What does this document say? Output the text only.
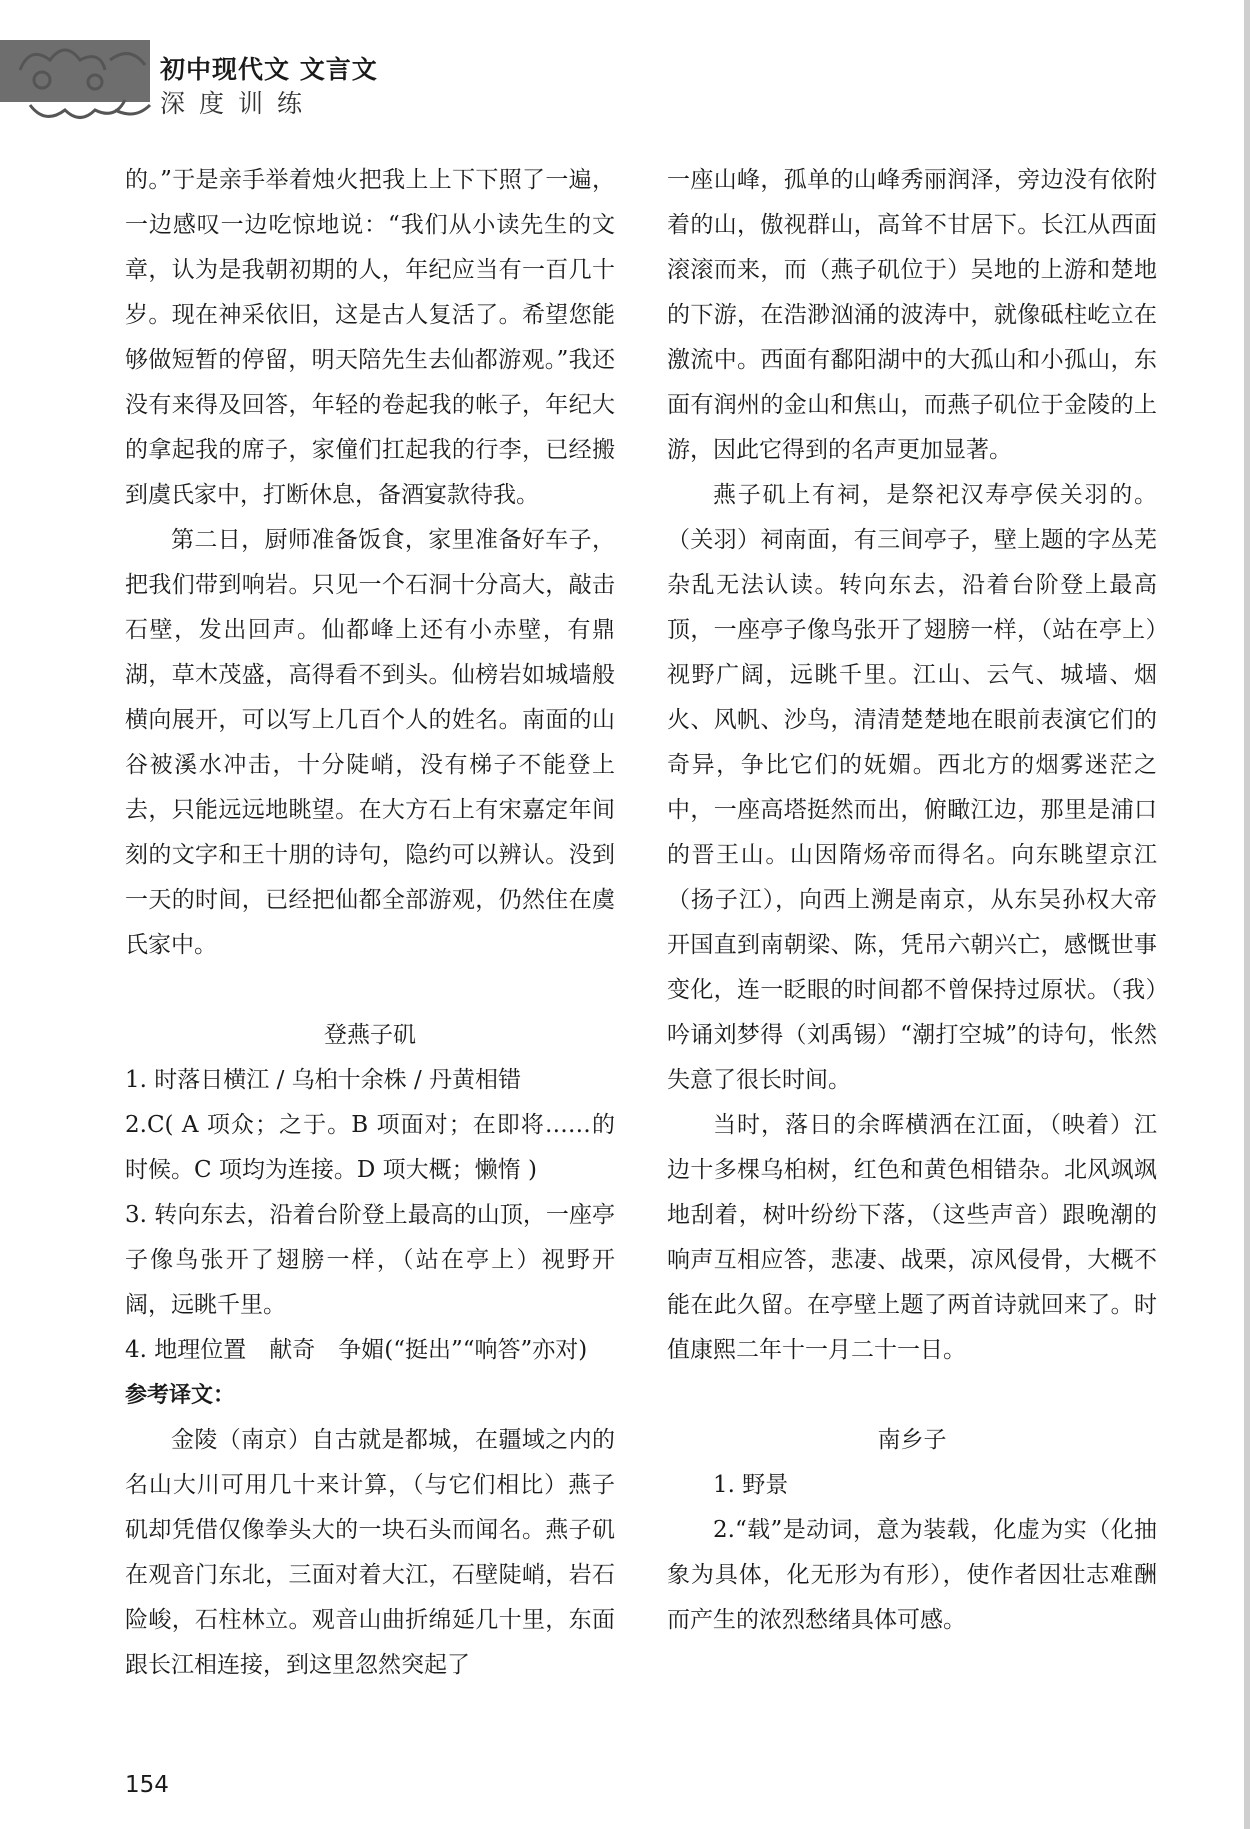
初中现代文 文言文
深度训练

的。”于是亲手举着烛火把我上上下下照了一遍，一边感叹一边吃惊地说：“我们从小读先生的文章，认为是我朝初期的人，年纪应当有一百几十岁。现在神采依旧，这是古人复活了。希望您能够做短暂的停留，明天陪先生去仙都游观。”我还没有来得及回答，年轻的卷起我的帐子，年纪大的拿起我的席子，家僮们扛起我的行李，已经搬到虞氏家中，打断休息，备酒宴款待我。

第二日，厨师准备饭食，家里准备好车子，把我们带到响岩。只见一个石洞十分高大，敲击石壁，发出回声。仙都峰上还有小赤壁，有鼎湖，草木茂盛，高得看不到头。仙榜岩如城墙般横向展开，可以写上几百个人的姓名。南面的山谷被溪水冲击，十分陡峭，没有梯子不能登上去，只能远远地眺望。在大方石上有宋嘉定年间刻的文字和王十朋的诗句，隐约可以辨认。没到一天的时间，已经把仙都全部游观，仍然住在虞氏家中。

登燕子矶

1. 时落日横江 / 乌桕十余株 / 丹黄相错

2.C( A 项众；之于。B 项面对；在即将……的时候。C 项均为连接。D 项大概；懒惰 )

3. 转向东去，沿着台阶登上最高的山顶，一座亭子像鸟张开了翅膀一样，（站在亭上）视野开阔，远眺千里。

4. 地理位置　献奇　争媚(“挺出”“响答”亦对)

参考译文：

金陵（南京）自古就是都城，在疆域之内的名山大川可用几十来计算，（与它们相比）燕子矶却凭借仅像拳头大的一块石头而闻名。燕子矶在观音门东北，三面对着大江，石壁陡峭，岩石险峻，石柱林立。观音山曲折绵延几十里，东面跟长江相连接，到这里忽然突起了

一座山峰，孤单的山峰秀丽润泽，旁边没有依附着的山，傲视群山，高耸不甘居下。长江从西面滚滚而来，而（燕子矶位于）吴地的上游和楚地的下游，在浩渺汹涌的波涛中，就像砥柱屹立在激流中。西面有鄱阳湖中的大孤山和小孤山，东面有润州的金山和焦山，而燕子矶位于金陵的上游，因此它得到的名声更加显著。

燕子矶上有祠，是祭祀汉寿亭侯关羽的。（关羽）祠南面，有三间亭子，壁上题的字丛芜杂乱无法认读。转向东去，沿着台阶登上最高顶，一座亭子像鸟张开了翅膀一样，（站在亭上）视野广阔，远眺千里。江山、云气、城墙、烟火、风帆、沙鸟，清清楚楚地在眼前表演它们的奇异，争比它们的妩媚。西北方的烟雾迷茫之中，一座高塔挺然而出，俯瞰江边，那里是浦口的晋王山。山因隋炀帝而得名。向东眺望京江（扬子江），向西上溯是南京，从东吴孙权大帝开国直到南朝梁、陈，凭吊六朝兴亡，感慨世事变化，连一眨眼的时间都不曾保持过原状。（我）吟诵刘梦得（刘禹锡）“潮打空城”的诗句，怅然失意了很长时间。

当时，落日的余晖横洒在江面，（映着）江边十多棵乌桕树，红色和黄色相错杂。北风飒飒地刮着，树叶纷纷下落，（这些声音）跟晚潮的响声互相应答，悲凄、战栗，凉风侵骨，大概不能在此久留。在亭壁上题了两首诗就回来了。时值康熙二年十一月二十一日。

南乡子

1. 野景

2.“载”是动词，意为装载，化虚为实（化抽象为具体，化无形为有形），使作者因壮志难酬而产生的浓烈愁绪具体可感。

154
